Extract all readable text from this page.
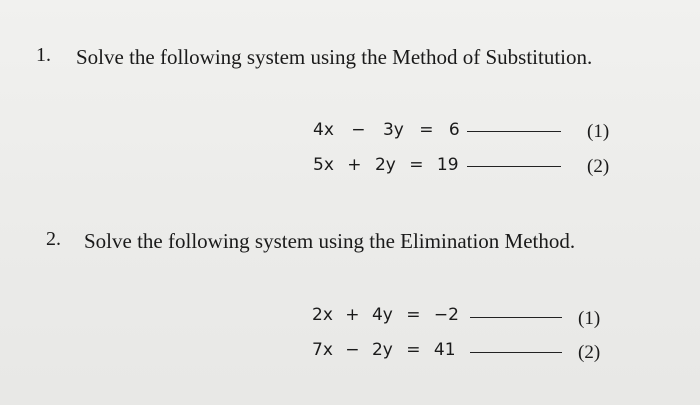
1. Solve the following system using the Method of Substitution.
4x − 3y = 6	(1)
5x + 2y = 19	(2)
2. Solve the following system using the Elimination Method.
2x + 4y = −2	(1)
7x − 2y = 41	(2)
